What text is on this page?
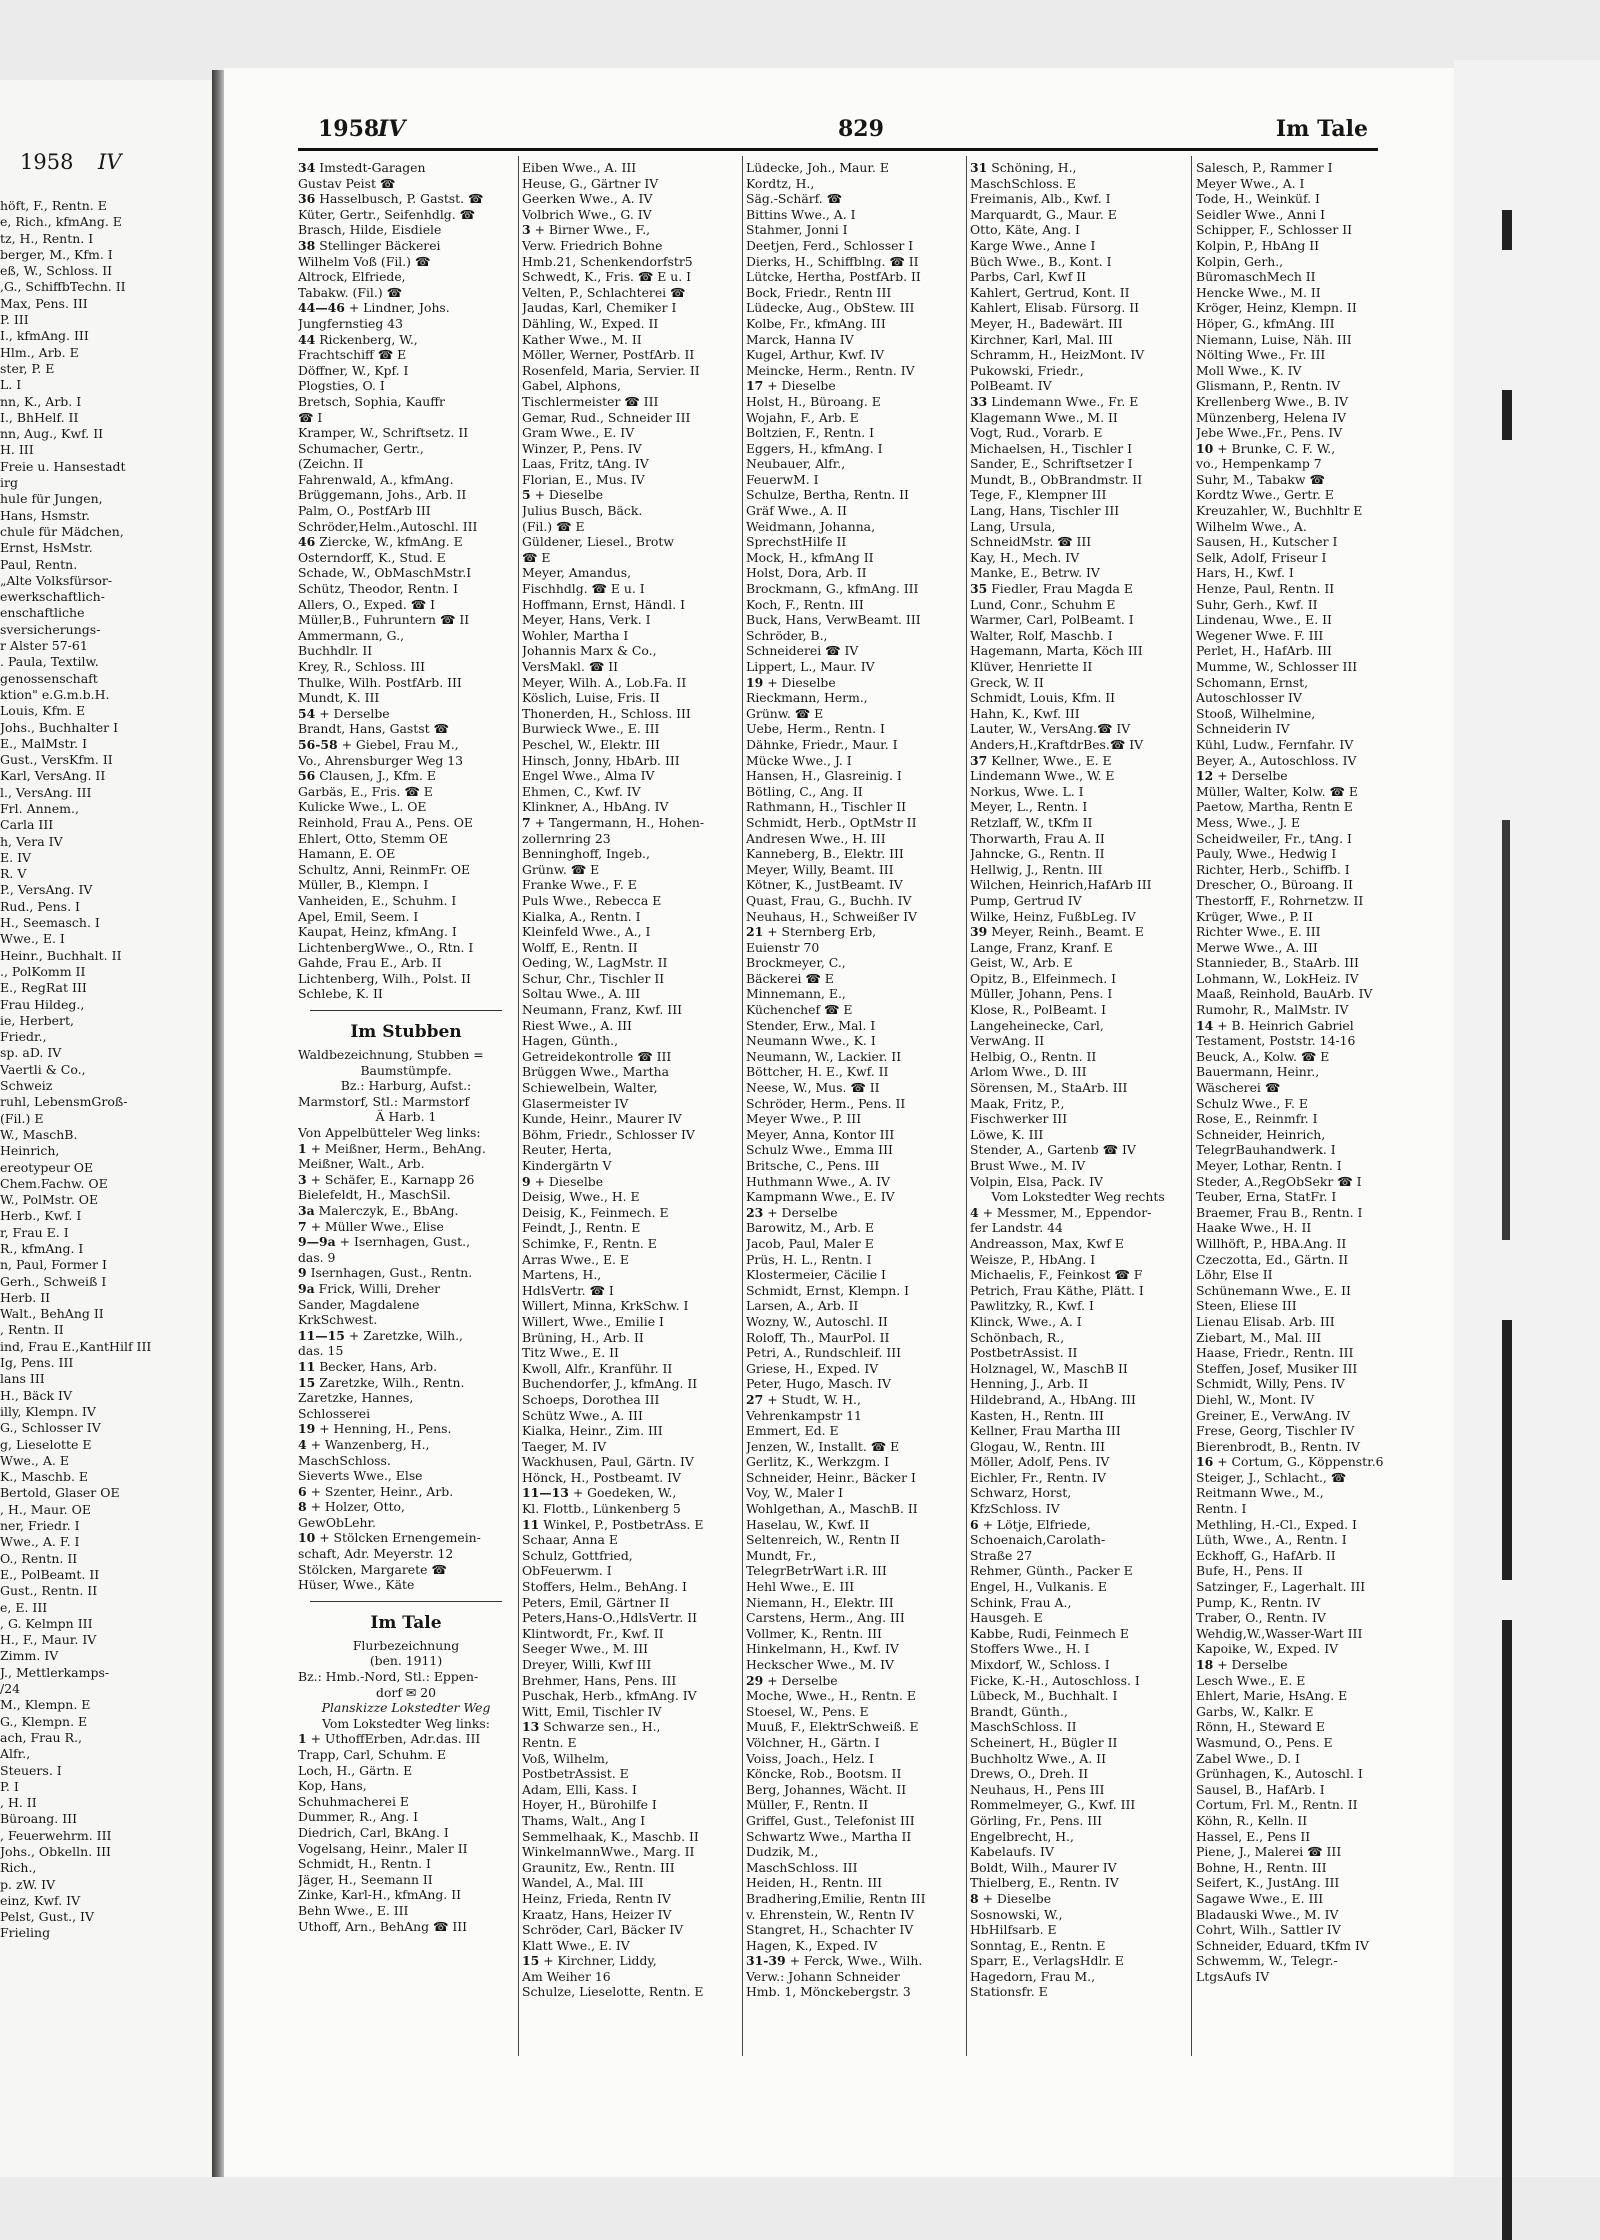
1958 IV
höft, F., Rentn. E
e, Rich., kfmAng. E
tz, H., Rentn. I
berger, M., Kfm. I
eß, W., Schloss. II
,G., SchiffbTechn. II
Max, Pens. III
P. III
I., kfmAng. III
Hlm., Arb. E
ster, P. E
L. I
nn, K., Arb. I
I., BhHelf. II
nn, Aug., Kwf. II
H. III
Freie u. Hansestadt
irg
hule für Jungen,
Hans, Hsmstr.
chule für Mädchen,
Ernst, HsMstr.
Paul, Rentn.
„Alte Volksfürsor-
ewerkschaftlich-
enschaftliche
sversicherungs-
r Alster 57-61
. Paula, Textilw.
genossenschaft
ktion" e.G.m.b.H.
Louis, Kfm. E
Johs., Buchhalter I
E., MalMstr. I
Gust., VersKfm. II
Karl, VersAng. II
l., VersAng. III
Frl. Annem.,
Carla III
h, Vera IV
E. IV
R. V
P., VersAng. IV
Rud., Pens. I
H., Seemasch. I
Wwe., E. I
Heinr., Buchhalt. II
., PolKomm II
E., RegRat III
Frau Hildeg.,
ie, Herbert,
Friedr.,
sp. aD. IV
Vaertli & Co.,
Schweiz
ruhl, LebensmGroß-
(Fil.) E
W., MaschB.
Heinrich,
ereotypeur OE
Chem.Fachw. OE
W., PolMstr. OE
Herb., Kwf. I
r, Frau E. I
R., kfmAng. I
n, Paul, Former I
Gerh., Schweiß I
Herb. II
Walt., BehAng II
, Rentn. II
ind, Frau E.,KantHilf III
Ig, Pens. III
lans III
H., Bäck IV
illy, Klempn. IV
G., Schlosser IV
g, Lieselotte E
Wwe., A. E
K., Maschb. E
Bertold, Glaser OE
, H., Maur. OE
ner, Friedr. I
Wwe., A. F. I
O., Rentn. II
E., PolBeamt. II
Gust., Rentn. II
e, E. III
, G. Kelmpn III
H., F., Maur. IV
Zimm. IV
J., Mettlerkamps-
/24
M., Klempn. E
G., Klempn. E
ach, Frau R.,
Alfr.,
Steuers. I
P. I
, H. II
Büroang. III
, Feuerwehrm. III
Johs., Obkelln. III
Rich.,
p. zW. IV
einz, Kwf. IV
Pelst, Gust., IV
Frieling
1958
IV	829	Im Tale
34 Imstedt-Garagen
Gustav Peist ☎
36 Hasselbusch, P. Gastst. ☎
Küter, Gertr., Seifenhdlg. ☎
Brasch, Hilde, Eisdiele
38 Stellinger Bäckerei
Wilhelm Voß (Fil.) ☎
Altrock, Elfriede,
Tabakw. (Fil.) ☎
44—46 + Lindner, Johs.
Jungfernstieg 43
44 Rickenberg, W.,
Frachtschiff ☎ E
Döffner, W., Kpf. I
Plogsties, O. I
Bretsch, Sophia, Kauffr
☎ I
Kramper, W., Schriftsetz. II
Schumacher, Gertr.,
(Zeichn. II
Fahrenwald, A., kfmAng.
Brüggemann, Johs., Arb. II
Palm, O., PostfArb III
Schröder,Helm.,Autoschl. III
46 Ziercke, W., kfmAng. E
Osterndorff, K., Stud. E
Schade, W., ObMaschMstr.I
Schütz, Theodor, Rentn. I
Allers, O., Exped. ☎ I
Müller,B., Fuhruntern ☎ II
Ammermann, G.,
Buchhdlr. II
Krey, R., Schloss. III
Thulke, Wilh. PostfArb. III
Mundt, K. III
54 + Derselbe
Brandt, Hans, Gastst ☎
56-58 + Giebel, Frau M.,
Vo., Ahrensburger Weg 13
56 Clausen, J., Kfm. E
Garbäs, E., Fris. ☎ E
Kulicke Wwe., L. OE
Reinhold, Frau A., Pens. OE
Ehlert, Otto, Stemm OE
Hamann, E. OE
Schultz, Anni, ReinmFr. OE
Müller, B., Klempn. I
Vanheiden, E., Schuhm. I
Apel, Emil, Seem. I
Kaupat, Heinz, kfmAng. I
LichtenbergWwe., O., Rtn. I
Gahde, Frau E., Arb. II
Lichtenberg, Wilh., Polst. II
Schlebe, K. II
Im Stubben
Waldbezeichnung, Stubben =
Baumstümpfe.
Bz.: Harburg, Aufst.:
Marmstorf, Stl.: Marmstorf
Ä Harb. 1
Von Appelbütteler Weg links:
1 + Meißner, Herm., BehAng.
Meißner, Walt., Arb.
3 + Schäfer, E., Karnapp 26
Bielefeldt, H., MaschSil.
3a Malerczyk, E., BbAng.
7 + Müller Wwe., Elise
9—9a + Isernhagen, Gust.,
das. 9
9 Isernhagen, Gust., Rentn.
9a Frick, Willi, Dreher
Sander, Magdalene
KrkSchwest.
11—15 + Zaretzke, Wilh.,
das. 15
11 Becker, Hans, Arb.
15 Zaretzke, Wilh., Rentn.
Zaretzke, Hannes,
Schlosserei
19 + Henning, H., Pens.
4 + Wanzenberg, H.,
MaschSchloss.
Sieverts Wwe., Else
6 + Szenter, Heinr., Arb.
8 + Holzer, Otto,
GewObLehr.
10 + Stölcken Ernengemein-
schaft, Adr. Meyerstr. 12
Stölcken, Margarete ☎
Hüser, Wwe., Käte
Im Tale
Flurbezeichnung
(ben. 1911)
Bz.: Hmb.-Nord, Stl.: Eppen-
dorf ✉ 20
Planskizze Lokstedter Weg
Vom Lokstedter Weg links:
1 + UthoffErben, Adr.das. III
Trapp, Carl, Schuhm. E
Loch, H., Gärtn. E
Kop, Hans,
Schuhmacherei E
Dummer, R., Ang. I
Diedrich, Carl, BkAng. I
Vogelsang, Heinr., Maler II
Schmidt, H., Rentn. I
Jäger, H., Seemann II
Zinke, Karl-H., kfmAng. II
Behn Wwe., E. III
Uthoff, Arn., BehAng ☎ III
Eiben Wwe., A. III
Heuse, G., Gärtner IV
Geerken Wwe., A. IV
Volbrich Wwe., G. IV
3 + Birner Wwe., F.,
Verw. Friedrich Bohne
Hmb.21, Schenkendorfstr5
Schwedt, K., Fris. ☎ E u. I
Velten, P., Schlachterei ☎
Jaudas, Karl, Chemiker I
Dähling, W., Exped. II
Kather Wwe., M. II
Möller, Werner, PostfArb. II
Rosenfeld, Maria, Servier. II
Gabel, Alphons,
Tischlermeister ☎ III
Gemar, Rud., Schneider III
Gram Wwe., E. IV
Winzer, P., Pens. IV
Laas, Fritz, tAng. IV
Florian, E., Mus. IV
5 + Dieselbe
Julius Busch, Bäck.
(Fil.) ☎ E
Güldener, Liesel., Brotw
☎ E
Meyer, Amandus,
Fischhdlg. ☎ E u. I
Hoffmann, Ernst, Händl. I
Meyer, Hans, Verk. I
Wohler, Martha I
Johannis Marx & Co.,
VersMakl. ☎ II
Meyer, Wilh. A., Lob.Fa. II
Köslich, Luise, Fris. II
Thonerden, H., Schloss. III
Burwieck Wwe., E. III
Peschel, W., Elektr. III
Hinsch, Jonny, HbArb. III
Engel Wwe., Alma IV
Ehmen, C., Kwf. IV
Klinkner, A., HbAng. IV
7 + Tangermann, H., Hohen-
zollernring 23
Benninghoff, Ingeb.,
Grünw. ☎ E
Franke Wwe., F. E
Puls Wwe., Rebecca E
Kialka, A., Rentn. I
Kleinfeld Wwe., A., I
Wolff, E., Rentn. II
Oeding, W., LagMstr. II
Schur, Chr., Tischler II
Soltau Wwe., A. III
Neumann, Franz, Kwf. III
Riest Wwe., A. III
Hagen, Günth.,
Getreidekontrolle ☎ III
Brüggen Wwe., Martha
Schiewelbein, Walter,
Glasermeister IV
Kunde, Heinr., Maurer IV
Böhm, Friedr., Schlosser IV
Reuter, Herta,
Kindergärtn V
9 + Dieselbe
Deisig, Wwe., H. E
Deisig, K., Feinmech. E
Feindt, J., Rentn. E
Schimke, F., Rentn. E
Arras Wwe., E. E
Martens, H.,
HdlsVertr. ☎ I
Willert, Minna, KrkSchw. I
Willert, Wwe., Emilie I
Brüning, H., Arb. II
Titz Wwe., E. II
Kwoll, Alfr., Kranführ. II
Buchendorfer, J., kfmAng. II
Schoeps, Dorothea III
Schütz Wwe., A. III
Kialka, Heinr., Zim. III
Taeger, M. IV
Wackhusen, Paul, Gärtn. IV
Hönck, H., Postbeamt. IV
11—13 + Goedeken, W.,
Kl. Flottb., Lünkenberg 5
11 Winkel, P., PostbetrAss. E
Schaar, Anna E
Schulz, Gottfried,
ObFeuerwm. I
Stoffers, Helm., BehAng. I
Peters, Emil, Gärtner II
Peters,Hans-O.,HdlsVertr. II
Klintwordt, Fr., Kwf. II
Seeger Wwe., M. III
Dreyer, Willi, Kwf III
Brehmer, Hans, Pens. III
Puschak, Herb., kfmAng. IV
Witt, Emil, Tischler IV
13 Schwarze sen., H.,
Rentn. E
Voß, Wilhelm,
PostbetrAssist. E
Adam, Elli, Kass. I
Hoyer, H., Bürohilfe I
Thams, Walt., Ang I
Semmelhaak, K., Maschb. II
WinkelmannWwe., Marg. II
Graunitz, Ew., Rentn. III
Wandel, A., Mal. III
Heinz, Frieda, Rentn IV
Kraatz, Hans, Heizer IV
Schröder, Carl, Bäcker IV
Klatt Wwe., E. IV
15 + Kirchner, Liddy,
Am Weiher 16
Schulze, Lieselotte, Rentn. E
Lüdecke, Joh., Maur. E
Kordtz, H.,
Säg.-Schärf. ☎
Bittins Wwe., A. I
Stahmer, Jonni I
Deetjen, Ferd., Schlosser I
Dierks, H., Schiffblng. ☎ II
Lütcke, Hertha, PostfArb. II
Bock, Friedr., Rentn III
Lüdecke, Aug., ObStew. III
Kolbe, Fr., kfmAng. III
Marck, Hanna IV
Kugel, Arthur, Kwf. IV
Meincke, Herm., Rentn. IV
17 + Dieselbe
Holst, H., Büroang. E
Wojahn, F., Arb. E
Boltzien, F., Rentn. I
Eggers, H., kfmAng. I
Neubauer, Alfr.,
FeuerwM. I
Schulze, Bertha, Rentn. II
Gräf Wwe., A. II
Weidmann, Johanna,
SprechstHilfe II
Mock, H., kfmAng II
Holst, Dora, Arb. II
Brockmann, G., kfmAng. III
Koch, F., Rentn. III
Buck, Hans, VerwBeamt. III
Schröder, B.,
Schneiderei ☎ IV
Lippert, L., Maur. IV
19 + Dieselbe
Rieckmann, Herm.,
Grünw. ☎ E
Uebe, Herm., Rentn. I
Dähnke, Friedr., Maur. I
Mücke Wwe., J. I
Hansen, H., Glasreinig. I
Bötling, C., Ang. II
Rathmann, H., Tischler II
Schmidt, Herb., OptMstr II
Andresen Wwe., H. III
Kanneberg, B., Elektr. III
Meyer, Willy, Beamt. III
Kötner, K., JustBeamt. IV
Quast, Frau, G., Buchh. IV
Neuhaus, H., Schweißer IV
21 + Sternberg Erb,
Euienstr 70
Brockmeyer, C.,
Bäckerei ☎ E
Minnemann, E.,
Küchenchef ☎ E
Stender, Erw., Mal. I
Neumann Wwe., K. I
Neumann, W., Lackier. II
Böttcher, H. E., Kwf. II
Neese, W., Mus. ☎ II
Schröder, Herm., Pens. II
Meyer Wwe., P. III
Meyer, Anna, Kontor III
Schulz Wwe., Emma III
Britsche, C., Pens. III
Huthmann Wwe., A. IV
Kampmann Wwe., E. IV
23 + Derselbe
Barowitz, M., Arb. E
Jacob, Paul, Maler E
Prüs, H. L., Rentn. I
Klostermeier, Cäcilie I
Schmidt, Ernst, Klempn. I
Larsen, A., Arb. II
Wozny, W., Autoschl. II
Roloff, Th., MaurPol. II
Petri, A., Rundschleif. III
Griese, H., Exped. IV
Peter, Hugo, Masch. IV
27 + Studt, W. H.,
Vehrenkampstr 11
Emmert, Ed. E
Jenzen, W., Installt. ☎ E
Gerlitz, K., Werkzgm. I
Schneider, Heinr., Bäcker I
Voy, W., Maler I
Wohlgethan, A., MaschB. II
Haselau, W., Kwf. II
Seltenreich, W., Rentn II
Mundt, Fr.,
TelegrBetrWart i.R. III
Hehl Wwe., E. III
Niemann, H., Elektr. III
Carstens, Herm., Ang. III
Vollmer, K., Rentn. III
Hinkelmann, H., Kwf. IV
Heckscher Wwe., M. IV
29 + Derselbe
Moche, Wwe., H., Rentn. E
Stoesel, W., Pens. E
Muuß, F., ElektrSchweiß. E
Völchner, H., Gärtn. I
Voiss, Joach., Helz. I
Köncke, Rob., Bootsm. II
Berg, Johannes, Wächt. II
Müller, F., Rentn. II
Griffel, Gust., Telefonist III
Schwartz Wwe., Martha II
Dudzik, M.,
MaschSchloss. III
Heiden, H., Rentn. III
Bradhering,Emilie, Rentn III
v. Ehrenstein, W., Rentn IV
Stangret, H., Schachter IV
Hagen, K., Exped. IV
31-39 + Ferck, Wwe., Wilh.
Verw.: Johann Schneider
Hmb. 1, Mönckebergstr. 3
31 Schöning, H.,
MaschSchloss. E
Freimanis, Alb., Kwf. I
Marquardt, G., Maur. E
Otto, Käte, Ang. I
Karge Wwe., Anne I
Büch Wwe., B., Kont. I
Parbs, Carl, Kwf II
Kahlert, Gertrud, Kont. II
Kahlert, Elisab. Fürsorg. II
Meyer, H., Badewärt. III
Kirchner, Karl, Mal. III
Schramm, H., HeizMont. IV
Pukowski, Friedr.,
PolBeamt. IV
33 Lindemann Wwe., Fr. E
Klagemann Wwe., M. II
Vogt, Rud., Vorarb. E
Michaelsen, H., Tischler I
Sander, E., Schriftsetzer I
Mundt, B., ObBrandmstr. II
Tege, F., Klempner III
Lang, Hans, Tischler III
Lang, Ursula,
SchneidMstr. ☎ III
Kay, H., Mech. IV
Manke, E., Betrw. IV
35 Fiedler, Frau Magda E
Lund, Conr., Schuhm E
Warmer, Carl, PolBeamt. I
Walter, Rolf, Maschb. I
Hagemann, Marta, Köch III
Klüver, Henriette II
Greck, W. II
Schmidt, Louis, Kfm. II
Hahn, K., Kwf. III
Lauter, W., VersAng.☎ IV
Anders,H.,KraftdrBes.☎ IV
37 Kellner, Wwe., E. E
Lindemann Wwe., W. E
Norkus, Wwe. L. I
Meyer, L., Rentn. I
Retzlaff, W., tKfm II
Thorwarth, Frau A. II
Jahncke, G., Rentn. II
Hellwig, J., Rentn. III
Wilchen, Heinrich,HafArb III
Pump, Gertrud IV
Wilke, Heinz, FußbLeg. IV
39 Meyer, Reinh., Beamt. E
Lange, Franz, Kranf. E
Geist, W., Arb. E
Opitz, B., Elfeinmech. I
Müller, Johann, Pens. I
Klose, R., PolBeamt. I
Langeheinecke, Carl,
VerwAng. II
Helbig, O., Rentn. II
Arlom Wwe., D. III
Sörensen, M., StaArb. III
Maak, Fritz, P.,
Fischwerker III
Löwe, K. III
Stender, A., Gartenb ☎ IV
Brust Wwe., M. IV
Volpin, Elsa, Pack. IV
Vom Lokstedter Weg rechts
4 + Messmer, M., Eppendor-
fer Landstr. 44
Andreasson, Max, Kwf E
Weisze, P., HbAng. I
Michaelis, F., Feinkost ☎ F
Petrich, Frau Käthe, Plätt. I
Pawlitzky, R., Kwf. I
Klinck, Wwe., A. I
Schönbach, R.,
PostbetrAssist. II
Holznagel, W., MaschB II
Henning, J., Arb. II
Hildebrand, A., HbAng. III
Kasten, H., Rentn. III
Kellner, Frau Martha III
Glogau, W., Rentn. III
Möller, Adolf, Pens. IV
Eichler, Fr., Rentn. IV
Schwarz, Horst,
KfzSchloss. IV
6 + Lötje, Elfriede,
Schoenaich,Carolath-
Straße 27
Rehmer, Günth., Packer E
Engel, H., Vulkanis. E
Schink, Frau A.,
Hausgeh. E
Kabbe, Rudi, Feinmech E
Stoffers Wwe., H. I
Mixdorf, W., Schloss. I
Ficke, K.-H., Autoschloss. I
Lübeck, M., Buchhalt. I
Brandt, Günth.,
MaschSchloss. II
Scheinert, H., Bügler II
Buchholtz Wwe., A. II
Drews, O., Dreh. II
Neuhaus, H., Pens III
Rommelmeyer, G., Kwf. III
Görling, Fr., Pens. III
Engelbrecht, H.,
Kabelaufs. IV
Boldt, Wilh., Maurer IV
Thielberg, E., Rentn. IV
8 + Dieselbe
Sosnowski, W.,
HbHilfsarb. E
Sonntag, E., Rentn. E
Sparr, E., VerlagsHdlr. E
Hagedorn, Frau M.,
Stationsfr. E
Salesch, P., Rammer I
Meyer Wwe., A. I
Tode, H., Weinküf. I
Seidler Wwe., Anni I
Schipper, F., Schlosser II
Kolpin, P., HbAng II
Kolpin, Gerh.,
BüromaschMech II
Hencke Wwe., M. II
Kröger, Heinz, Klempn. II
Höper, G., kfmAng. III
Niemann, Luise, Näh. III
Nölting Wwe., Fr. III
Moll Wwe., K. IV
Glismann, P., Rentn. IV
Krellenberg Wwe., B. IV
Münzenberg, Helena IV
Jebe Wwe.,Fr., Pens. IV
10 + Brunke, C. F. W.,
vo., Hempenkamp 7
Suhr, M., Tabakw ☎
Kordtz Wwe., Gertr. E
Kreuzahler, W., Buchhltr E
Wilhelm Wwe., A.
Sausen, H., Kutscher I
Selk, Adolf, Friseur I
Hars, H., Kwf. I
Henze, Paul, Rentn. II
Suhr, Gerh., Kwf. II
Lindenau, Wwe., E. II
Wegener Wwe. F. III
Perlet, H., HafArb. III
Mumme, W., Schlosser III
Schomann, Ernst,
Autoschlosser IV
Stooß, Wilhelmine,
Schneiderin IV
Kühl, Ludw., Fernfahr. IV
Beyer, A., Autoschloss. IV
12 + Derselbe
Müller, Walter, Kolw. ☎ E
Paetow, Martha, Rentn E
Mess, Wwe., J. E
Scheidweiler, Fr., tAng. I
Pauly, Wwe., Hedwig I
Richter, Herb., Schiffb. I
Drescher, O., Büroang. II
Thestorff, F., Rohrnetzw. II
Krüger, Wwe., P. II
Richter Wwe., E. III
Merwe Wwe., A. III
Stannieder, B., StaArb. III
Lohmann, W., LokHeiz. IV
Maaß, Reinhold, BauArb. IV
Rumohr, R., MalMstr. IV
14 + B. Heinrich Gabriel
Testament, Poststr. 14-16
Beuck, A., Kolw. ☎ E
Bauermann, Heinr.,
Wäscherei ☎
Schulz Wwe., F. E
Rose, E., Reinmfr. I
Schneider, Heinrich,
TelegrBauhandwerk. I
Meyer, Lothar, Rentn. I
Steder, A.,RegObSekr ☎ I
Teuber, Erna, StatFr. I
Braemer, Frau B., Rentn. I
Haake Wwe., H. II
Willhöft, P., HBA.Ang. II
Czeczotta, Ed., Gärtn. II
Löhr, Else II
Schünemann Wwe., E. II
Steen, Eliese III
Lienau Elisab. Arb. III
Ziebart, M., Mal. III
Haase, Friedr., Rentn. III
Steffen, Josef, Musiker III
Schmidt, Willy, Pens. IV
Diehl, W., Mont. IV
Greiner, E., VerwAng. IV
Frese, Georg, Tischler IV
Bierenbrodt, B., Rentn. IV
16 + Cortum, G., Köppenstr.6
Steiger, J., Schlacht., ☎
Reitmann Wwe., M.,
Rentn. I
Methling, H.-Cl., Exped. I
Lüth, Wwe., A., Rentn. I
Eckhoff, G., HafArb. II
Bufe, H., Pens. II
Satzinger, F., Lagerhalt. III
Pump, K., Rentn. IV
Traber, O., Rentn. IV
Wehdig,W.,Wasser-Wart III
Kapoike, W., Exped. IV
18 + Derselbe
Lesch Wwe., E. E
Ehlert, Marie, HsAng. E
Garbs, W., Kalkr. E
Rönn, H., Steward E
Wasmund, O., Pens. E
Zabel Wwe., D. I
Grünhagen, K., Autoschl. I
Sausel, B., HafArb. I
Cortum, Frl. M., Rentn. II
Köhn, R., Kelln. II
Hassel, E., Pens II
Piene, J., Malerei ☎ III
Bohne, H., Rentn. III
Seifert, K., JustAng. III
Sagawe Wwe., E. III
Bladauski Wwe., M. IV
Cohrt, Wilh., Sattler IV
Schneider, Eduard, tKfm IV
Schwemm, W., Telegr.-
LtgsAufs IV
